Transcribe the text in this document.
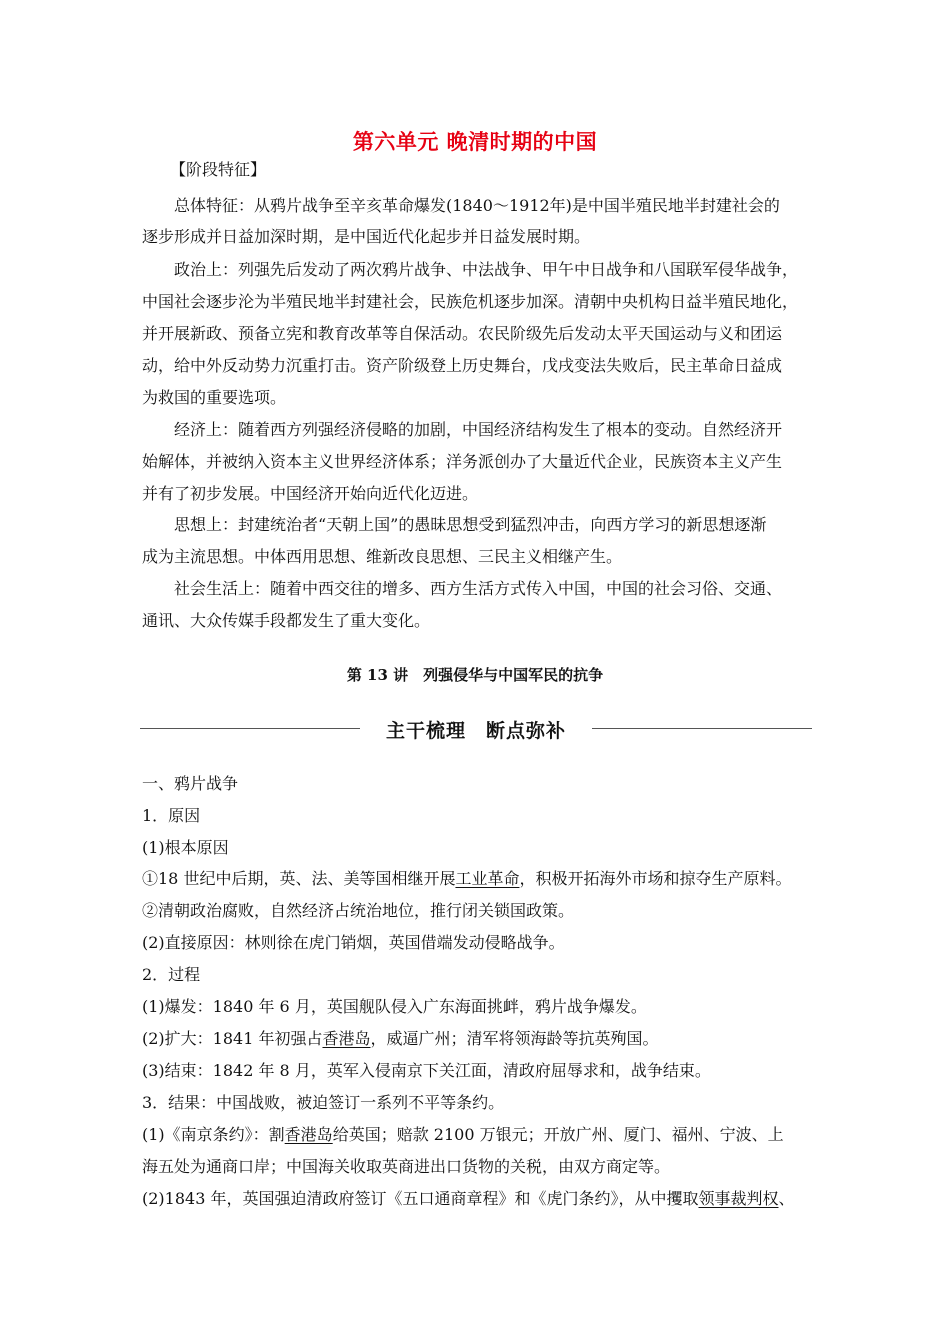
第六单元 晚清时期的中国
【阶段特征】
总体特征：从鸦片战争至辛亥革命爆发(1840～1912年)是中国半殖民地半封建社会的
逐步形成并日益加深时期，是中国近代化起步并日益发展时期。
政治上：列强先后发动了两次鸦片战争、中法战争、甲午中日战争和八国联军侵华战争，
中国社会逐步沦为半殖民地半封建社会，民族危机逐步加深。清朝中央机构日益半殖民地化，
并开展新政、预备立宪和教育改革等自保活动。农民阶级先后发动太平天国运动与义和团运
动，给中外反动势力沉重打击。资产阶级登上历史舞台，戊戌变法失败后，民主革命日益成
为救国的重要选项。
经济上：随着西方列强经济侵略的加剧，中国经济结构发生了根本的变动。自然经济开
始解体，并被纳入资本主义世界经济体系；洋务派创办了大量近代企业，民族资本主义产生
并有了初步发展。中国经济开始向近代化迈进。
思想上：封建统治者“天朝上国”的愚昧思想受到猛烈冲击，向西方学习的新思想逐渐
成为主流思想。中体西用思想、维新改良思想、三民主义相继产生。
社会生活上：随着中西交往的增多、西方生活方式传入中国，中国的社会习俗、交通、
通讯、大众传媒手段都发生了重大变化。
第 13 讲　列强侵华与中国军民的抗争
主干梳理　断点弥补
一、鸦片战争
1．原因
(1)根本原因
①18 世纪中后期，英、法、美等国相继开展工业革命，积极开拓海外市场和掠夺生产原料。
②清朝政治腐败，自然经济占统治地位，推行闭关锁国政策。
(2)直接原因：林则徐在虎门销烟，英国借端发动侵略战争。
2．过程
(1)爆发：1840 年 6 月，英国舰队侵入广东海面挑衅，鸦片战争爆发。
(2)扩大：1841 年初强占香港岛，威逼广州；清军将领海龄等抗英殉国。
(3)结束：1842 年 8 月，英军入侵南京下关江面，清政府屈辱求和，战争结束。
3．结果：中国战败，被迫签订一系列不平等条约。
(1)《南京条约》：割香港岛给英国；赔款 2100 万银元；开放广州、厦门、福州、宁波、上
海五处为通商口岸；中国海关收取英商进出口货物的关税，由双方商定等。
(2)1843 年，英国强迫清政府签订《五口通商章程》和《虎门条约》，从中攫取领事裁判权、
